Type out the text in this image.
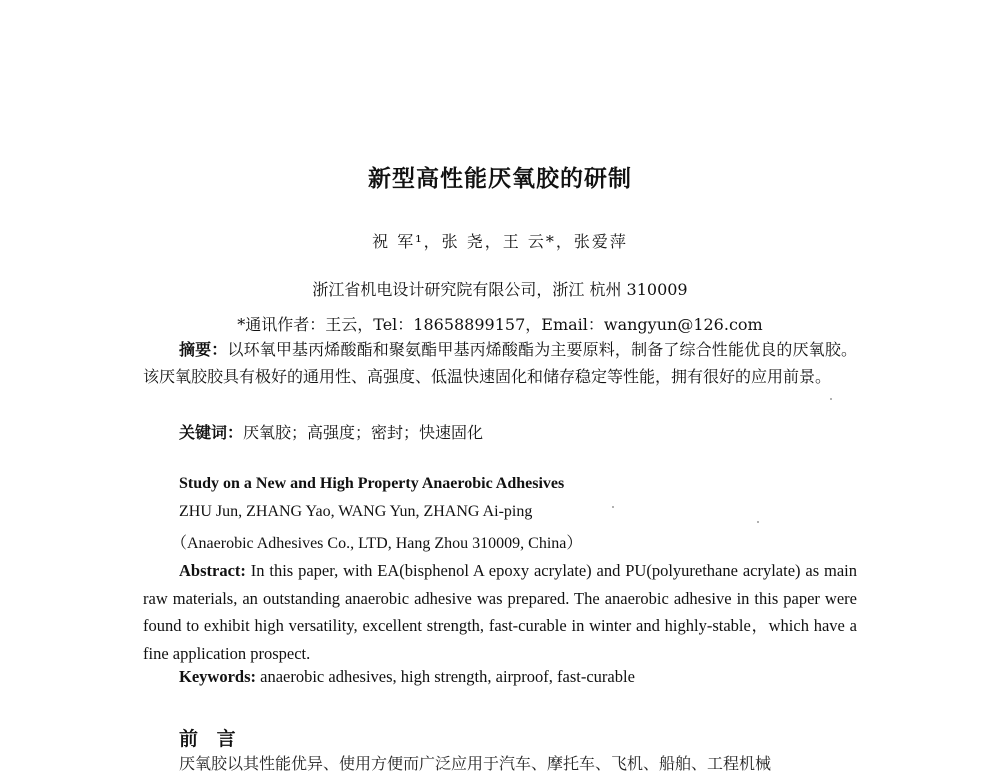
新型高性能厌氧胶的研制
祝 军¹，张 尧，王 云*，张爱萍
浙江省机电设计研究院有限公司，浙江 杭州 310009
*通讯作者：王云，Tel：18658899157，Email：wangyun@126.com
摘要：以环氧甲基丙烯酸酯和聚氨酯甲基丙烯酸酯为主要原料，制备了综合性能优良的厌氧胶。该厌氧胶胶具有极好的通用性、高强度、低温快速固化和储存稳定等性能，拥有很好的应用前景。
关键词：厌氧胶；高强度；密封；快速固化
Study on a New and High Property Anaerobic Adhesives
ZHU Jun, ZHANG Yao, WANG Yun, ZHANG Ai-ping
（Anaerobic Adhesives Co., LTD, Hang Zhou 310009, China）
Abstract: In this paper, with EA(bisphenol A epoxy acrylate) and PU(polyurethane acrylate) as main raw materials, an outstanding anaerobic adhesive was prepared. The anaerobic adhesive in this paper were found to exhibit high versatility, excellent strength, fast-curable in winter and highly-stable，which have a fine application prospect.
Keywords: anaerobic adhesives, high strength, airproof, fast-curable
前 言
厌氧胶以其性能优异、使用方便而广泛应用于汽车、摩托车、飞机、船舶、工程机械
